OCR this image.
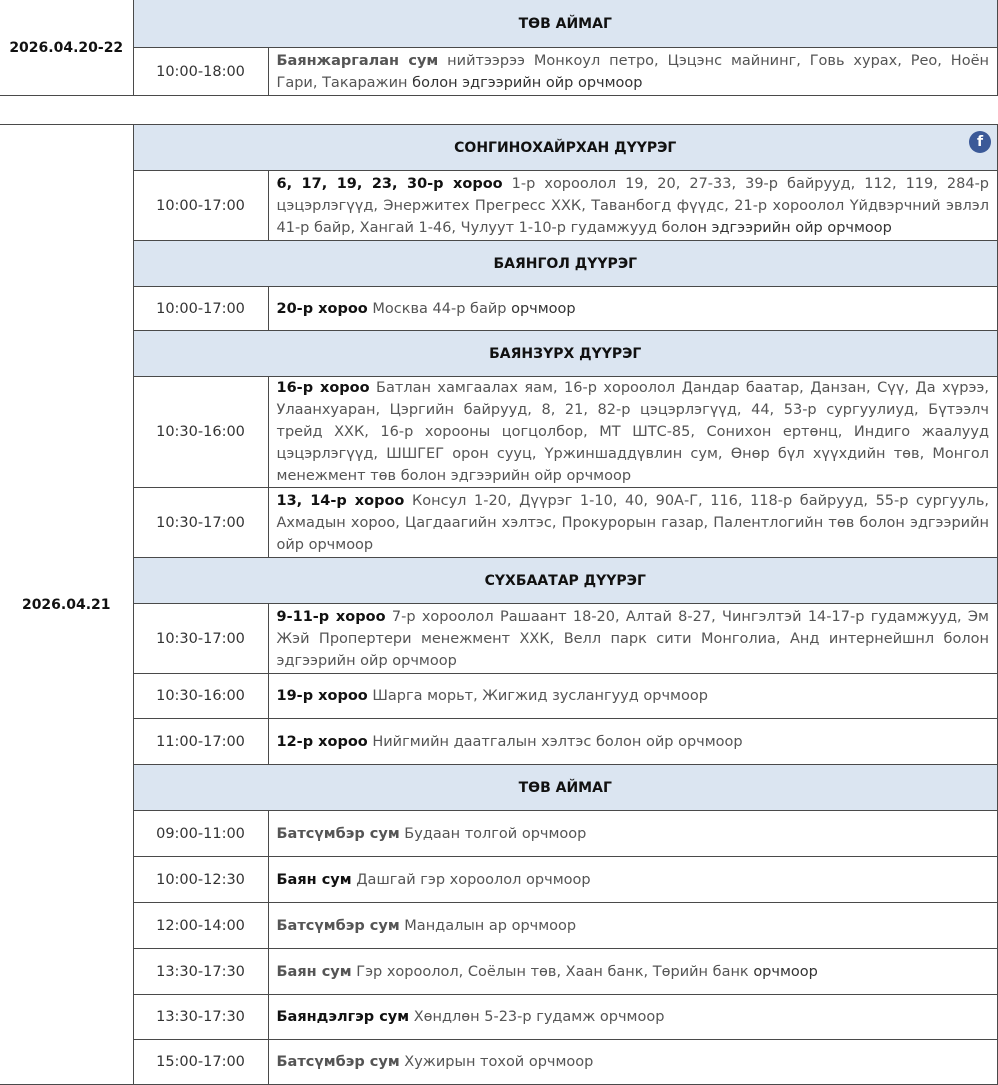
2026.04.20-22	ТӨВ АЙМАГ	
	10:00-18:00	Баянжаргалан сум нийтээрээ Монкоул петро, Цэцэнс майнинг, Говь хурах, Рео, Ноён Гари, Такаражин болон эдгээрийн ойр орчмоор
2026.04.21	СОНГИНОХАЙРХАН ДҮҮРЭГ f	

	10:00-17:00	6, 17, 19, 23, 30-р хороо 1-р хороолол 19, 20, 27-33, 39-р байрууд, 112, 119, 284-р цэцэрлэгүүд, Энержитех Прегресс ХХК, Таванбогд фүүдс, 21-р хороолол Үйдвэрчний эвлэл 41-р байр, Хангай 1-46, Чулуут 1-10-р гудамжууд болон эдгээрийн ойр орчмоор
	БАЯНГОЛ ДҮҮРЭГ	
	10:00-17:00	20-р хороо Москва 44-р байр орчмоор
	БАЯНЗҮРХ ДҮҮРЭГ	
	10:30-16:00	16-р хороо Батлан хамгаалах яам, 16-р хороолол Дандар баатар, Данзан, Сүү, Да хүрээ, Улаанхуаран, Цэргийн байрууд, 8, 21, 82-р цэцэрлэгүүд, 44, 53-р сургуулиуд, Бүтээлч трейд ХХК, 16-р хорооны цогцолбор, МТ ШТС-85, Сонихон ертөнц, Индиго жаалууд цэцэрлэгүүд, ШШГЕГ орон сууц, Үржиншаддүвлин сум, Өнөр бүл хүүхдийн төв, Монгол менежмент төв болон эдгээрийн ойр орчмоор
	10:30-17:00	13, 14-р хороо Консул 1-20, Дүүрэг 1-10, 40, 90А-Г, 116, 118-р байрууд, 55-р сургууль, Ахмадын хороо, Цагдаагийн хэлтэс, Прокурорын газар, Палентлогийн төв болон эдгээрийн ойр орчмоор
	СҮХБААТАР ДҮҮРЭГ	
	10:30-17:00	9-11-р хороо 7-р хороолол Рашаант 18-20, Алтай 8-27, Чингэлтэй 14-17-р гудамжууд, Эм Жэй Пропертери менежмент ХХК, Велл парк сити Монголиа, Анд интернейшнл болон эдгээрийн ойр орчмоор
	10:30-16:00	19-р хороо Шарга морьт, Жигжид зуслангууд орчмоор
	11:00-17:00	12-р хороо Нийгмийн даатгалын хэлтэс болон ойр орчмоор
	ТӨВ АЙМАГ	
	09:00-11:00	Батсүмбэр сум Будаан толгой орчмоор
	10:00-12:30	Баян сум Дашгай гэр хороолол орчмоор
	12:00-14:00	Батсүмбэр сум Мандалын ар орчмоор
	13:30-17:30	Баян сум Гэр хороолол, Соёлын төв, Хаан банк, Төрийн банк орчмоор
	13:30-17:30	Баяндэлгэр сум Хөндлөн 5-23-р гудамж орчмоор
	15:00-17:00	Батсүмбэр сум Хужирын тохой орчмоор
